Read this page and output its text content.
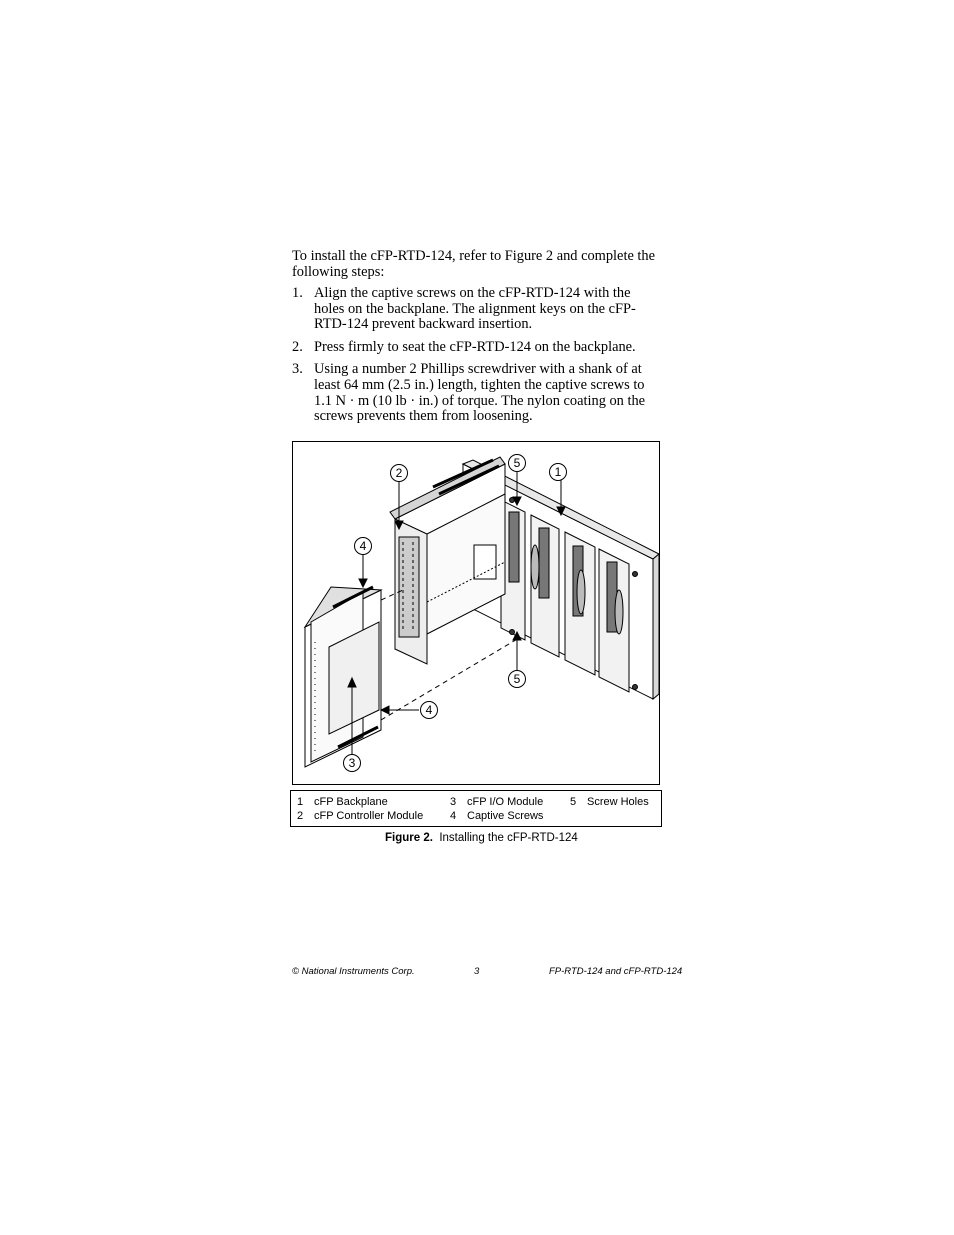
To install the cFP-RTD-124, refer to Figure 2 and complete the following steps:

1. Align the captive screws on the cFP-RTD-124 with the holes on the backplane. The alignment keys on the cFP-RTD-124 prevent backward insertion.
2. Press firmly to seat the cFP-RTD-124 on the backplane.
3. Using a number 2 Phillips screwdriver with a shank of at least 64 mm (2.5 in.) length, tighten the captive screws to 1.1 N · m (10 lb · in.) of torque. The nylon coating on the screws prevents them from loosening.
2
5
1
4
5
4
3
1 cFP Backplane
2 cFP Controller Module
3 cFP I/O Module
4 Captive Screws
5 Screw Holes
Figure 2. Installing the cFP-RTD-124
© National Instruments Corp.	3	FP-RTD-124 and cFP-RTD-124
